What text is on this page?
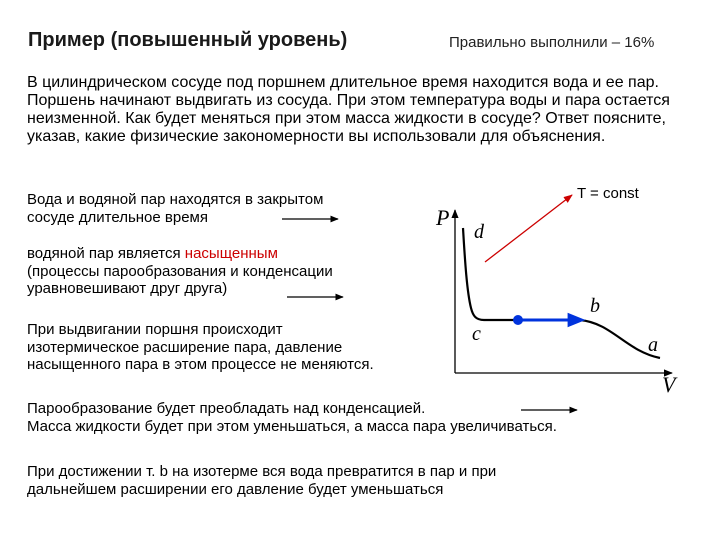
Пример (повышенный уровень)	Правильно выполнили – 16%
В цилиндрическом сосуде под поршнем длительное время находится вода и ее пар. Поршень начинают выдвигать из сосуда. При этом температура воды и пара остается неизменной. Как будет меняться при этом масса жидкости в сосуде? Ответ поясните, указав, какие физические закономерности вы использовали для объяснения.
Вода и водяной пар находятся в закрытом
сосуде длительное время
водяной пар является насыщенным
(процессы парообразования и конденсации
уравновешивают друг друга)
При выдвигании поршня происходит
изотермическое расширение пара, давление
насыщенного пара в этом процессе не меняются.
Парообразование будет преобладать над конденсацией.
Масса жидкости будет при этом уменьшаться, а масса пара увеличиваться.
При достижении т. b на изотерме вся вода превратится в пар и при
дальнейшем расширении его давление будет уменьшаться
T = const
P
V
d
c
b
a
